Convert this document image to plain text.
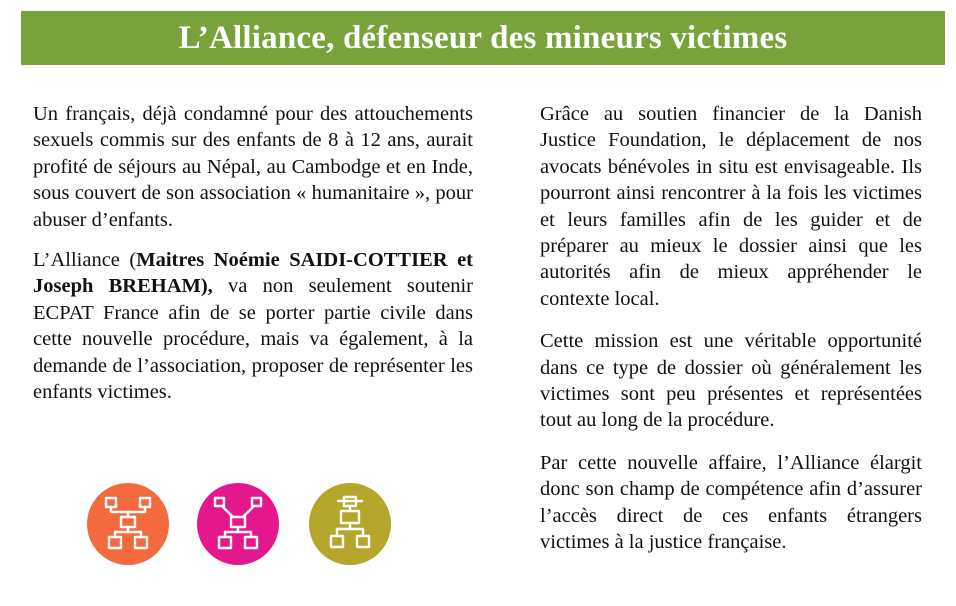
L’Alliance, défenseur des mineurs victimes

Un français, déjà condamné pour des attouchements sexuels commis sur des enfants de 8 à 12 ans, aurait profité de séjours au Népal, au Cambodge et en Inde, sous couvert de son association « humanitaire », pour abuser d’enfants.

L’Alliance (Maitres Noémie SAIDI-COTTIER et Joseph BREHAM), va non seulement soutenir ECPAT France afin de se porter partie civile dans cette nouvelle procédure, mais va également, à la demande de l’association, proposer de représenter les enfants victimes.

Grâce au soutien financier de la Danish Justice Foundation, le déplacement de nos avocats bénévoles in situ est envisageable. Ils pourront ainsi rencontrer à la fois les victimes et leurs familles afin de les guider et de préparer au mieux le dossier ainsi que les autorités afin de mieux appréhender le contexte local.

Cette mission est une véritable opportunité dans ce type de dossier où généralement les victimes sont peu présentes et représentées tout au long de la procédure.

Par cette nouvelle affaire, l’Alliance élargit donc son champ de compétence afin d’assurer l’accès direct de ces enfants étrangers victimes à la justice française.
